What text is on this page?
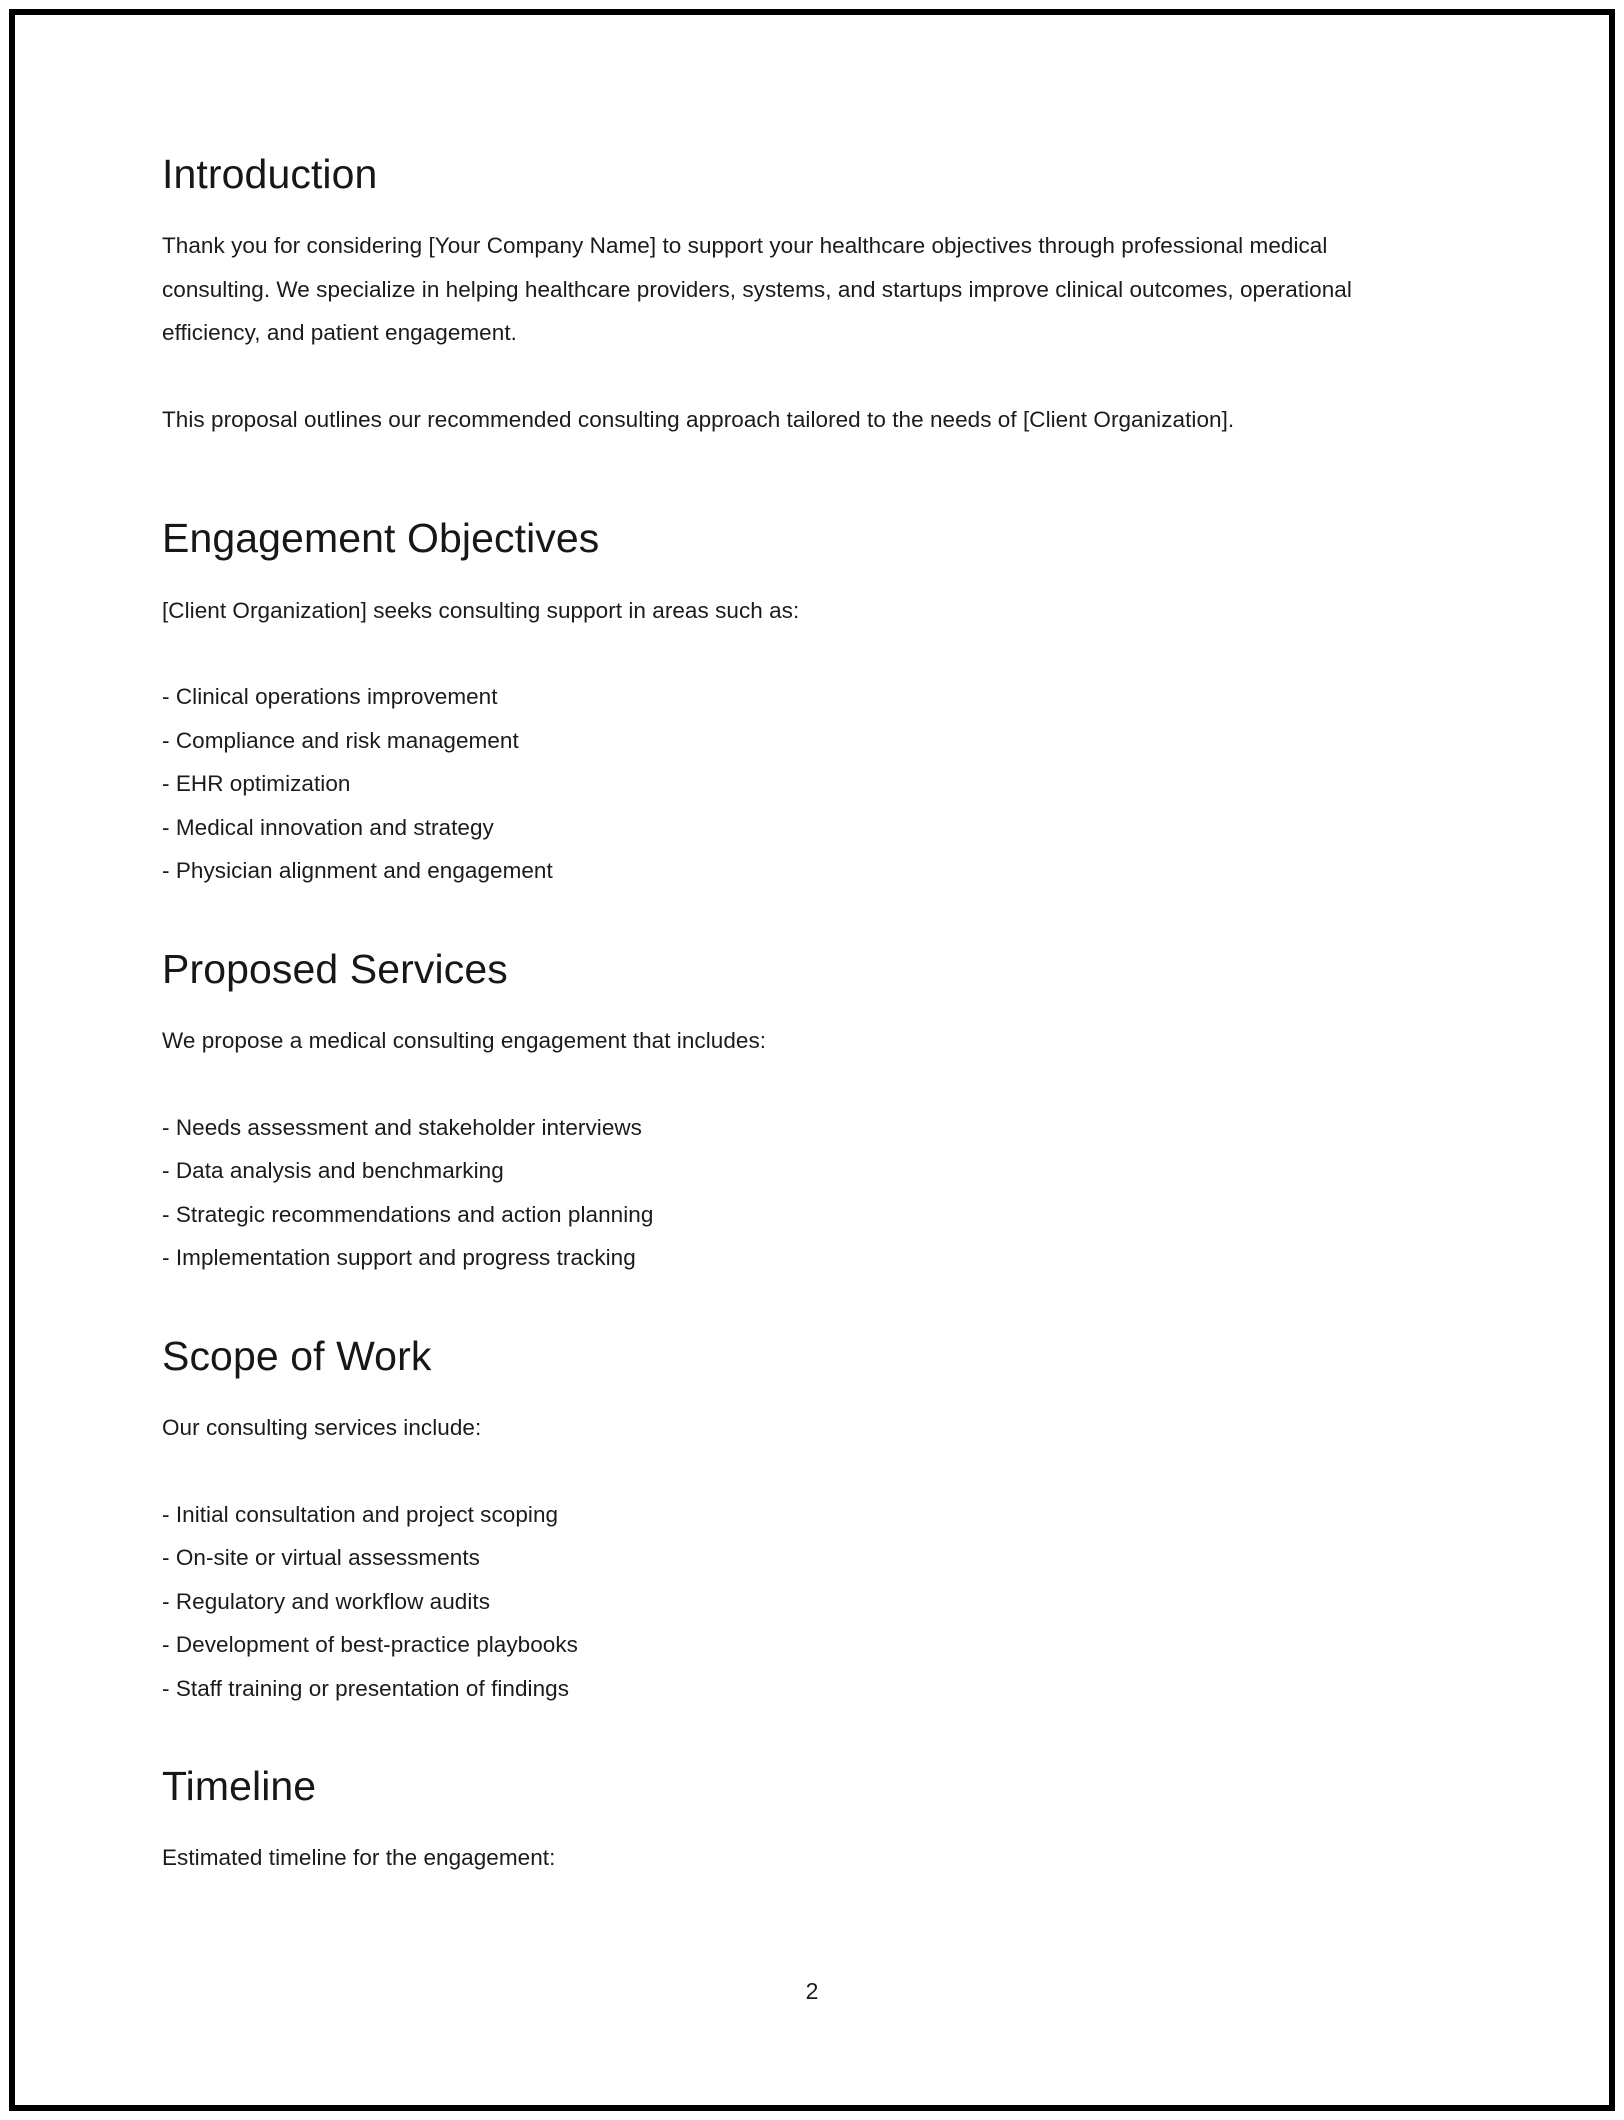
Introduction

Thank you for considering [Your Company Name] to support your healthcare objectives through professional medical consulting. We specialize in helping healthcare providers, systems, and startups improve clinical outcomes, operational efficiency, and patient engagement.

This proposal outlines our recommended consulting approach tailored to the needs of [Client Organization].

Engagement Objectives

[Client Organization] seeks consulting support in areas such as:

- Clinical operations improvement
- Compliance and risk management
- EHR optimization
- Medical innovation and strategy
- Physician alignment and engagement
Proposed Services

We propose a medical consulting engagement that includes:

- Needs assessment and stakeholder interviews
- Data analysis and benchmarking
- Strategic recommendations and action planning
- Implementation support and progress tracking
Scope of Work

Our consulting services include:

- Initial consultation and project scoping
- On-site or virtual assessments
- Regulatory and workflow audits
- Development of best-practice playbooks
- Staff training or presentation of findings
Timeline

Estimated timeline for the engagement:

2
